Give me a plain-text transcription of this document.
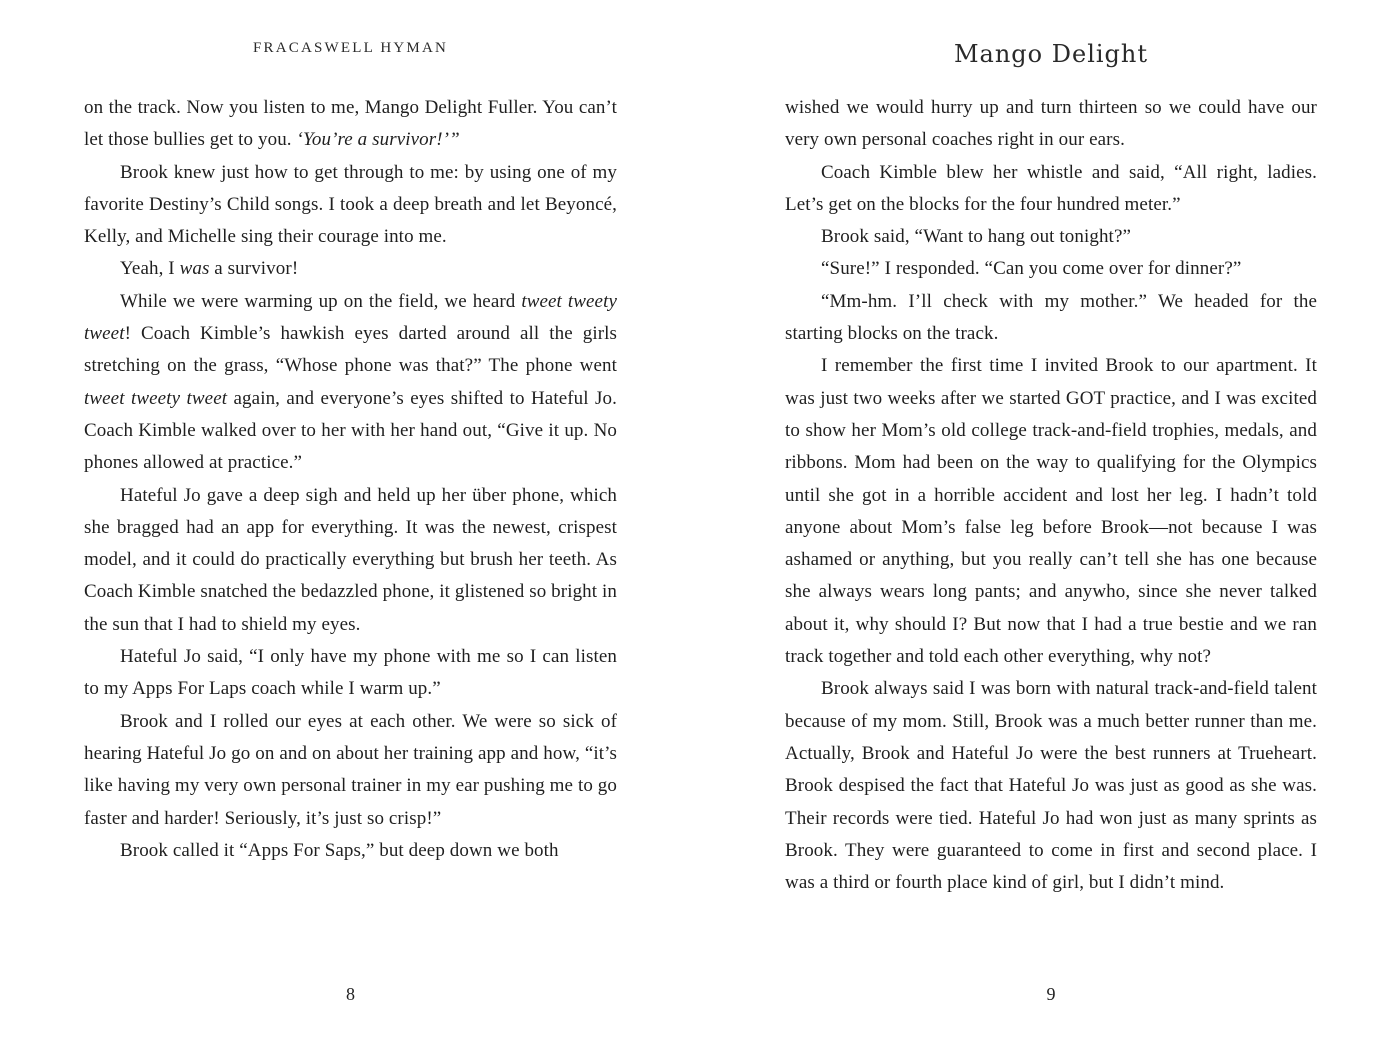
FRACASWELL HYMAN

on the track. Now you listen to me, Mango Delight Fuller. You can’t let those bullies get to you. ‘You’re a survivor!’”

Brook knew just how to get through to me: by using one of my favorite Destiny’s Child songs. I took a deep breath and let Beyoncé, Kelly, and Michelle sing their courage into me.

Yeah, I was a survivor!

While we were warming up on the field, we heard tweet tweety tweet! Coach Kimble’s hawkish eyes darted around all the girls stretching on the grass, “Whose phone was that?” The phone went tweet tweety tweet again, and everyone’s eyes shifted to Hateful Jo. Coach Kimble walked over to her with her hand out, “Give it up. No phones allowed at practice.”

Hateful Jo gave a deep sigh and held up her über phone, which she bragged had an app for everything. It was the newest, crispest model, and it could do practically everything but brush her teeth. As Coach Kimble snatched the bedazzled phone, it glistened so bright in the sun that I had to shield my eyes.

Hateful Jo said, “I only have my phone with me so I can listen to my Apps For Laps coach while I warm up.”

Brook and I rolled our eyes at each other. We were so sick of hearing Hateful Jo go on and on about her training app and how, “it’s like having my very own personal trainer in my ear pushing me to go faster and harder! Seriously, it’s just so crisp!”

Brook called it “Apps For Saps,” but deep down we both

8
Mango Delight

wished we would hurry up and turn thirteen so we could have our very own personal coaches right in our ears.

Coach Kimble blew her whistle and said, “All right, ladies. Let’s get on the blocks for the four hundred meter.”

Brook said, “Want to hang out tonight?”

“Sure!” I responded. “Can you come over for dinner?”

“Mm-hm. I’ll check with my mother.” We headed for the starting blocks on the track.

I remember the first time I invited Brook to our apartment. It was just two weeks after we started GOT practice, and I was excited to show her Mom’s old college track-and-field trophies, medals, and ribbons. Mom had been on the way to qualifying for the Olympics until she got in a horrible accident and lost her leg. I hadn’t told anyone about Mom’s false leg before Brook—not because I was ashamed or anything, but you really can’t tell she has one because she always wears long pants; and anywho, since she never talked about it, why should I? But now that I had a true bestie and we ran track together and told each other everything, why not?

Brook always said I was born with natural track-and-field talent because of my mom. Still, Brook was a much better runner than me. Actually, Brook and Hateful Jo were the best runners at Trueheart. Brook despised the fact that Hateful Jo was just as good as she was. Their records were tied. Hateful Jo had won just as many sprints as Brook. They were guaranteed to come in first and second place. I was a third or fourth place kind of girl, but I didn’t mind.

9
